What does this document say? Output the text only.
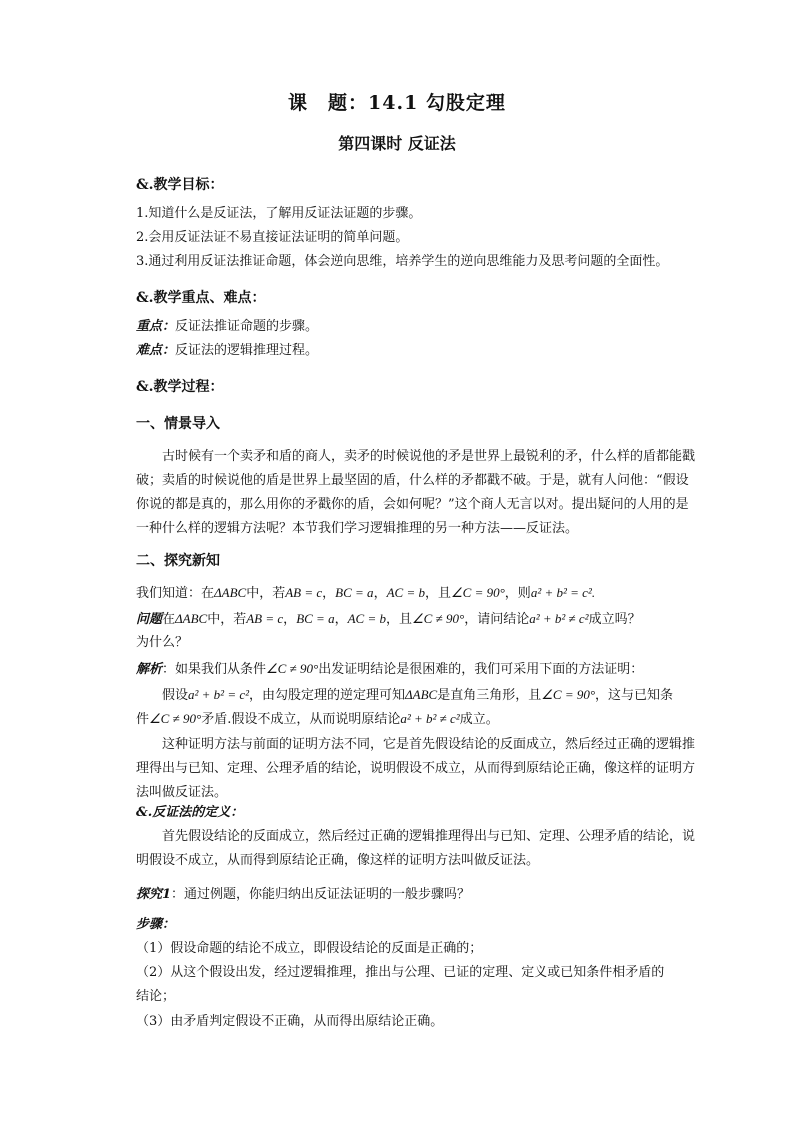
课　题：14.1 勾股定理
第四课时 反证法
&.教学目标：
1.知道什么是反证法，了解用反证法证题的步骤。
2.会用反证法证不易直接证法证明的简单问题。
3.通过利用反证法推证命题，体会逆向思维，培养学生的逆向思维能力及思考问题的全面性。
&.教学重点、难点：
重点：反证法推证命题的步骤。
难点：反证法的逻辑推理过程。
&.教学过程：
一、情景导入
古时候有一个卖矛和盾的商人，卖矛的时候说他的矛是世界上最锐利的矛，什么样的盾都能戳
破；卖盾的时候说他的盾是世界上最坚固的盾，什么样的矛都戳不破。于是，就有人问他：“假设
你说的都是真的，那么用你的矛戳你的盾，会如何呢？”这个商人无言以对。提出疑问的人用的是
一种什么样的逻辑方法呢？本节我们学习逻辑推理的另一种方法——反证法。
二、探究新知
我们知道：在ΔABC中，若AB = c，BC = a，AC = b，且∠C = 90°，则a² + b² = c².
问题在ΔABC中，若AB = c，BC = a，AC = b，且∠C ≠ 90°，请问结论a² + b² ≠ c²成立吗？
为什么？
解析：如果我们从条件∠C ≠ 90°出发证明结论是很困难的，我们可采用下面的方法证明：
假设a² + b² = c²，由勾股定理的逆定理可知ΔABC是直角三角形，且∠C = 90°，这与已知条
件∠C ≠ 90°矛盾.假设不成立，从而说明原结论a² + b² ≠ c²成立。
这种证明方法与前面的证明方法不同，它是首先假设结论的反面成立，然后经过正确的逻辑推
理得出与已知、定理、公理矛盾的结论，说明假设不成立，从而得到原结论正确，像这样的证明方
法叫做反证法。
&.反证法的定义：
首先假设结论的反面成立，然后经过正确的逻辑推理得出与已知、定理、公理矛盾的结论，说
明假设不成立，从而得到原结论正确，像这样的证明方法叫做反证法。
探究1：通过例题，你能归纳出反证法证明的一般步骤吗？
步骤：
（1）假设命题的结论不成立，即假设结论的反面是正确的；
（2）从这个假设出发，经过逻辑推理，推出与公理、已证的定理、定义或已知条件相矛盾的
结论；
（3）由矛盾判定假设不正确，从而得出原结论正确。
